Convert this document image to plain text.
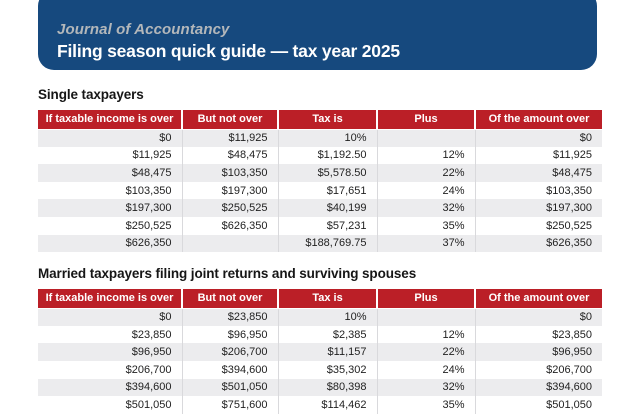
Journal of Accountancy
Filing season quick guide — tax year 2025
Single taxpayers
If taxable income is over	But not over	Tax is	Plus	Of the amount over
$0	$11,925	10%		$0
$11,925	$48,475	$1,192.50	12%	$11,925
$48,475	$103,350	$5,578.50	22%	$48,475
$103,350	$197,300	$17,651	24%	$103,350
$197,300	$250,525	$40,199	32%	$197,300
$250,525	$626,350	$57,231	35%	$250,525
$626,350		$188,769.75	37%	$626,350
Married taxpayers filing joint returns and surviving spouses
If taxable income is over	But not over	Tax is	Plus	Of the amount over
$0	$23,850	10%		$0
$23,850	$96,950	$2,385	12%	$23,850
$96,950	$206,700	$11,157	22%	$96,950
$206,700	$394,600	$35,302	24%	$206,700
$394,600	$501,050	$80,398	32%	$394,600
$501,050	$751,600	$114,462	35%	$501,050
